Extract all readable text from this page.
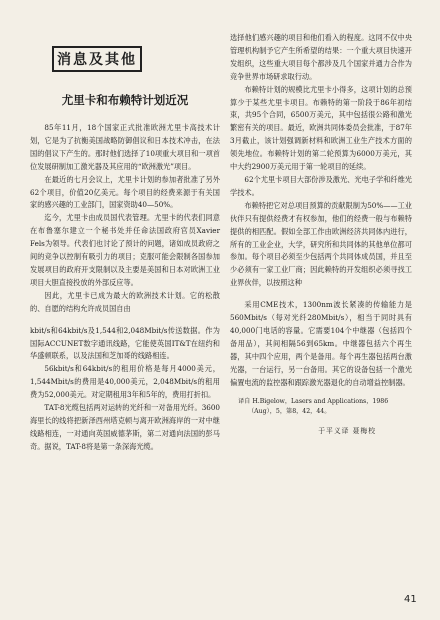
消息及其他
尤里卡和布赖特计划近况

85年11月，18个国家正式批准欧洲尤里卡高技术计划，它是为了抗衡美国战略防御倡议和日本技术冲击，在法国的倡议下产生的。那时他们选择了10项重大项目和一项首位发展研制加工激光器及其应用的“欧洲激光”项目。

在最近的七月会议上，尤里卡计划的参加者批准了另外62个项目，价值20亿美元。每个项目的经费来源于有关国家的感兴趣的工业部门，国家资助40—50%。

迄今，尤里卡由成员国代表管理。尤里卡的代表们同意在布鲁塞尔建立一个秘书处并任命法国政府官员Xavier Fels为领导。代表们也讨论了预计的问题，诸如成员政府之间的竞争以控制有吸引力的项目；克服可能会限制各国参加发展项目的政府开支限制以及主要是美国和日本对欧洲工业项目大胆直接投放的外部反应等。

因此，尤里卡已成为最大的欧洲技术计划。它的松散的、自愿的结构允许成员国自由

kbit/s和64kbit/s及1,544和2,048Mbit/s传送数据。作为国际ACCUNET数字通讯线路，它能使英国IT&T在纽约和华盛顿联系，以及法国和芝加哥的线路相连。

56kbit/s和64kbit/s的租用价格是每月4000美元，1,544Mbit/s的费用是40,000美元，2,048Mbit/s的租用费为52,000美元。对定期租用3年和5年的，费用打折扣。

TAT-8光缆包括两对运转的光纤和一对备用光纤。3600海里长的线将把新泽西州塔克顿与离开欧洲海岸的一对中继线路相连，一对通向英国威德茅斯，第二对通向法国的彭马奇。据说，TAT-8将是第一条深海光缆。

选择他们感兴趣的项目和他们看入的程度。这同不仅中央管理机构制予它产生所希望的结果：一个重大项目快速开发组织，这些重大项目每个都涉及几个国家并通力合作为竞争世界市场研求取行动。

布赖特计划的规模比尤里卡小得多，这项计划的总预算少于某些尤里卡项目。布赖特的第一阶段于86年初结束，共95个合同，6500万美元，其中包括很公路和激光繁密有关的项目。最近，欧洲共同体委员会批准，于87年3月截止，该计划强调新材料和欧洲工业生产技术方面的领先地位。布赖特计划的第二轮预算为6000万美元，其中大约2900万美元用于第一轮项目的延续。

62个尤里卡项目大部份涉及激光、光电子学和纤维光学技术。

布赖特把它对总项目预算的贡献限制为50%——工业伙伴只有提供经费才有权参加，他们的经费一般与布赖特提供的相匹配。假如全部工作由欧洲经济共同体内进行，所有的工业企业，大学，研究所和共同体的其他单位都可参加。每个项目必须至少包括两个共同体成员国，并且至少必须有一家工业厂商；因此赖特的开发组织必须寻找工业界伙伴，以按照这种

采用CME技术，1300nm波长紧凑的传输能力是560Mbit/s（每对光纤280Mbit/s），相当于同时具有40,000门电话的容量。它需要104个中继器（包括四个备用品），其间相隔56到65km。中继器包括六个再生器，其中四个应用，两个是备用。每个再生器包括两台激光器，一台运行，另一台备用。其它的设备包括一个激光偏置电流的监控器和跟踪激光器退化的自动增益控制器。

译自 H.Bigelow，Lasers and Applications，1986（Aug），5，第8，42，44。
于平义译 聂梅校
41
